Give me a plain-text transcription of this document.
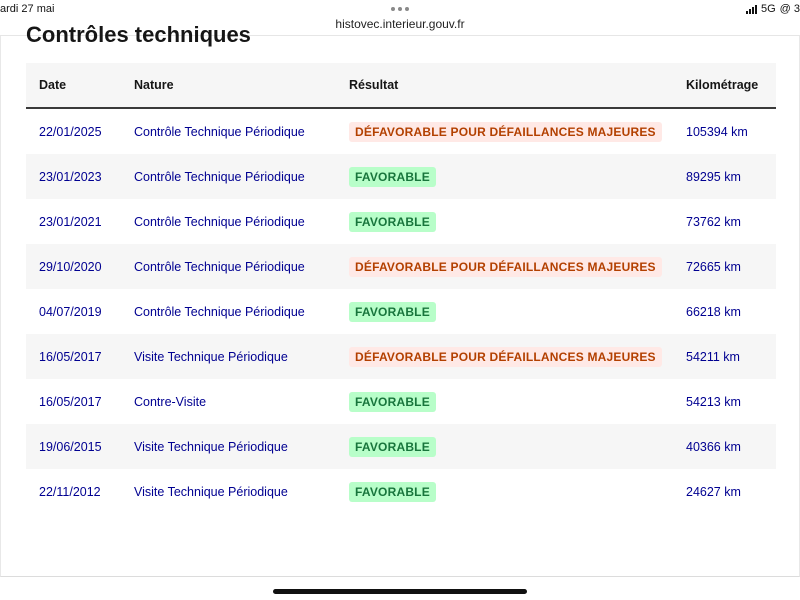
ardi 27 mai	5G @ 3
histovec.interieur.gouv.fr
Contrôles techniques
Date	Nature	Résultat	Kilométrage
22/01/2025	Contrôle Technique Périodique	DÉFAVORABLE POUR DÉFAILLANCES MAJEURES	105394 km
23/01/2023	Contrôle Technique Périodique	FAVORABLE	89295 km
23/01/2021	Contrôle Technique Périodique	FAVORABLE	73762 km
29/10/2020	Contrôle Technique Périodique	DÉFAVORABLE POUR DÉFAILLANCES MAJEURES	72665 km
04/07/2019	Contrôle Technique Périodique	FAVORABLE	66218 km
16/05/2017	Visite Technique Périodique	DÉFAVORABLE POUR DÉFAILLANCES MAJEURES	54211 km
16/05/2017	Contre-Visite	FAVORABLE	54213 km
19/06/2015	Visite Technique Périodique	FAVORABLE	40366 km
22/11/2012	Visite Technique Périodique	FAVORABLE	24627 km
